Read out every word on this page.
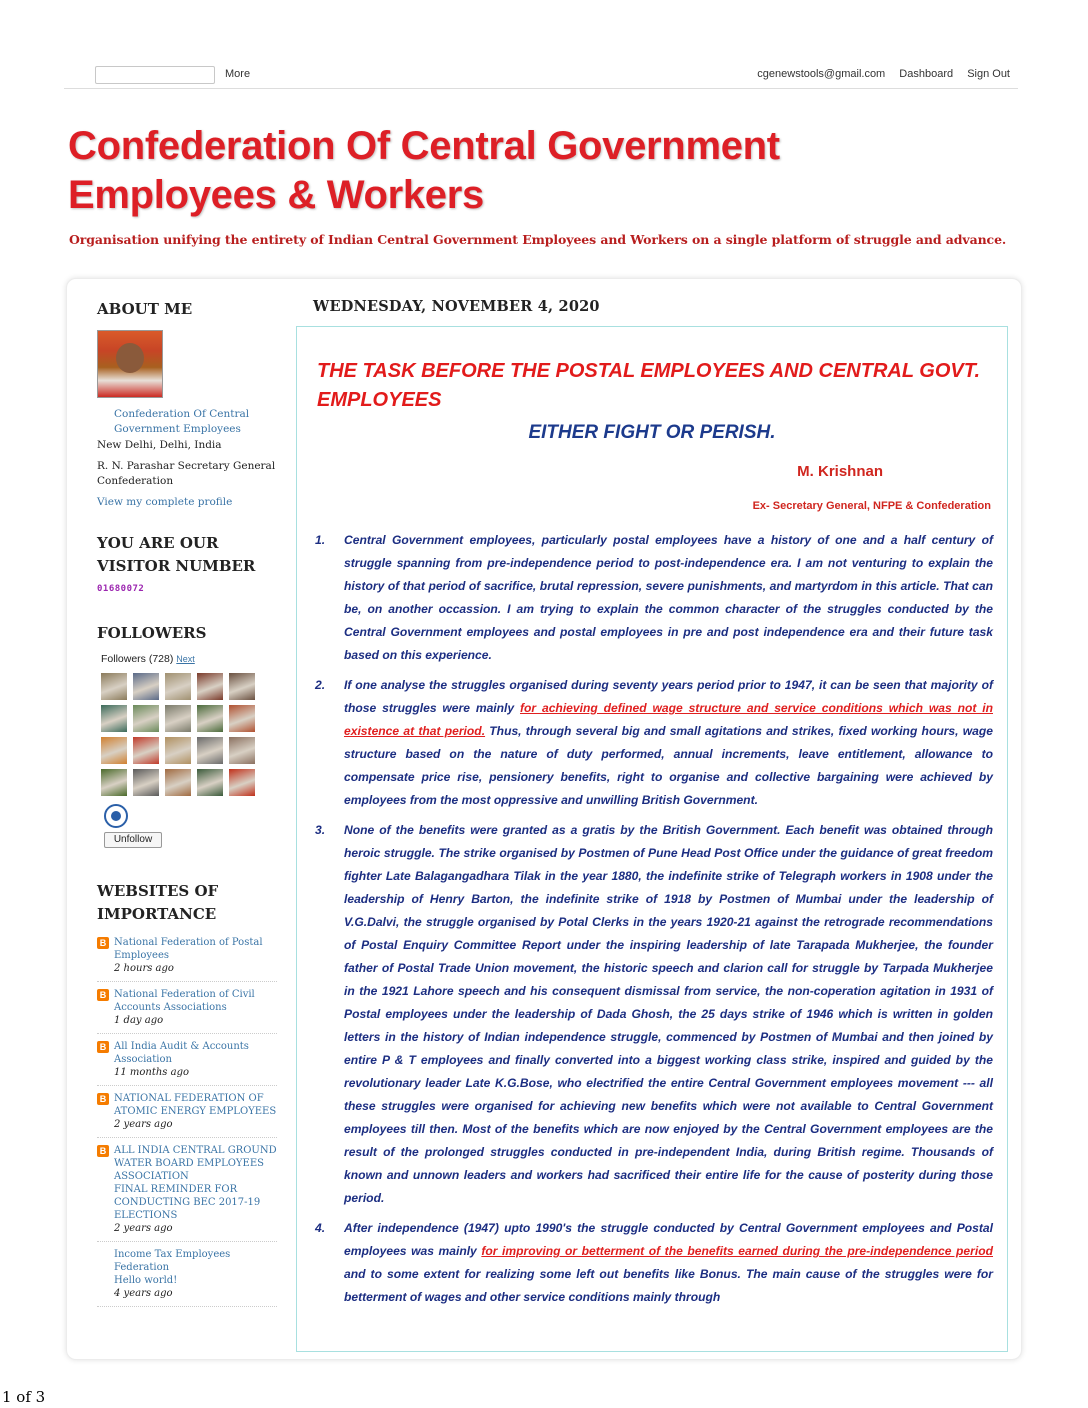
More	cgenewstools@gmail.com Dashboard Sign Out
Confederation Of Central Government
Employees & Workers
Organisation unifying the entirety of Indian Central Government Employees and Workers on a single platform of struggle and advance.
ABOUT ME
Confederation Of Central Government Employees
New Delhi, Delhi, India
R. N. Parashar Secretary General Confederation
View my complete profile
YOU ARE OUR VISITOR NUMBER
01680072
FOLLOWERS
Followers (728) Next
Unfollow
WEBSITES OF IMPORTANCE
B National Federation of Postal Employees
2 hours ago
B National Federation of Civil Accounts Associations
1 day ago
B All India Audit & Accounts Association
11 months ago
B NATIONAL FEDERATION OF ATOMIC ENERGY EMPLOYEES
2 years ago
B ALL INDIA CENTRAL GROUND WATER BOARD EMPLOYEES ASSOCIATION
FINAL REMINDER FOR CONDUCTING BEC 2017-19 ELECTIONS
2 years ago
Income Tax Employees Federation
Hello world!
4 years ago
WEDNESDAY, NOVEMBER 4, 2020
THE TASK BEFORE THE POSTAL EMPLOYEES AND CENTRAL GOVT. EMPLOYEES
EITHER FIGHT OR PERISH.
M. Krishnan
Ex- Secretary General, NFPE & Confederation
1. Central Government employees, particularly postal employees have a history of one and a half century of struggle spanning from pre-independence period to post-independence era. I am not venturing to explain the history of that period of sacrifice, brutal repression, severe punishments, and martyrdom in this article. That can be, on another occassion. I am trying to explain the common character of the struggles conducted by the Central Government employees and postal employees in pre and post independence era and their future task based on this experience.
2. If one analyse the struggles organised during seventy years period prior to 1947, it can be seen that majority of those struggles were mainly for achieving defined wage structure and service conditions which was not in existence at that period. Thus, through several big and small agitations and strikes, fixed working hours, wage structure based on the nature of duty performed, annual increments, leave entitlement, allowance to compensate price rise, pensionery benefits, right to organise and collective bargaining were achieved by employees from the most oppressive and unwilling British Government.
3. None of the benefits were granted as a gratis by the British Government. Each benefit was obtained through heroic struggle. The strike organised by Postmen of Pune Head Post Office under the guidance of great freedom fighter Late Balagangadhara Tilak in the year 1880, the indefinite strike of Telegraph workers in 1908 under the leadership of Henry Barton, the indefinite strike of 1918 by Postmen of Mumbai under the leadership of V.G.Dalvi, the struggle organised by Potal Clerks in the years 1920-21 against the retrograde recommendations of Postal Enquiry Committee Report under the inspiring leadership of late Tarapada Mukherjee, the founder father of Postal Trade Union movement, the historic speech and clarion call for struggle by Tarpada Mukherjee in the 1921 Lahore speech and his consequent dismissal from service, the non-coperation agitation in 1931 of Postal employees under the leadership of Dada Ghosh, the 25 days strike of 1946 which is written in golden letters in the history of Indian independence struggle, commenced by Postmen of Mumbai and then joined by entire P & T employees and finally converted into a biggest working class strike, inspired and guided by the revolutionary leader Late K.G.Bose, who electrified the entire Central Government employees movement --- all these struggles were organised for achieving new benefits which were not available to Central Government employees till then. Most of the benefits which are now enjoyed by the Central Government employees are the result of the prolonged struggles conducted in pre-independent India, during British regime. Thousands of known and unnown leaders and workers had sacrificed their entire life for the cause of posterity during those period.
4. After independence (1947) upto 1990's the struggle conducted by Central Government employees and Postal employees was mainly for improving or betterment of the benefits earned during the pre-independence period and to some extent for realizing some left out benefits like Bonus. The main cause of the struggles were for betterment of wages and other service conditions mainly through
1 of 3
